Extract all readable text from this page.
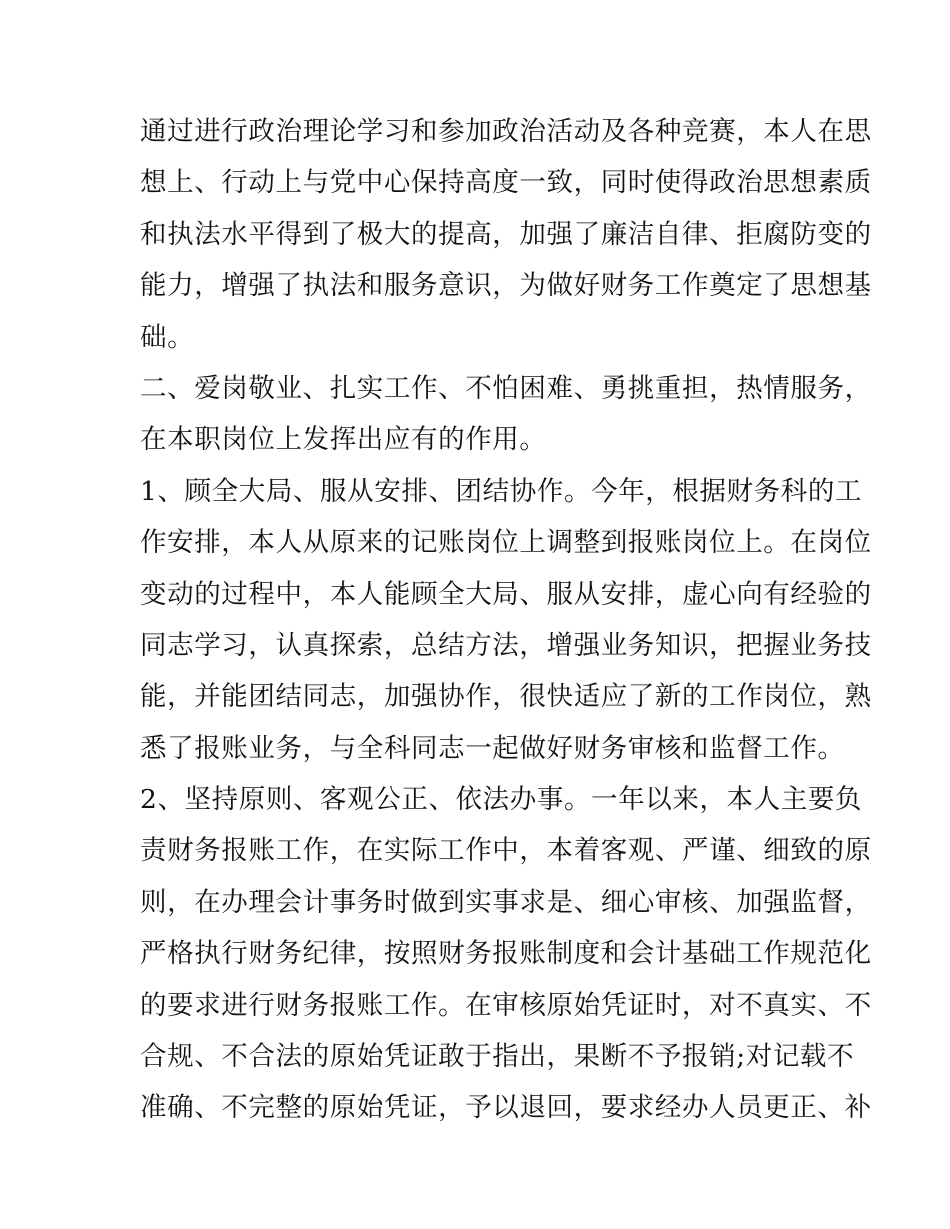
通过进行政治理论学习和参加政治活动及各种竞赛，本人在思
想上、行动上与党中心保持高度一致，同时使得政治思想素质
和执法水平得到了极大的提高，加强了廉洁自律、拒腐防变的
能力，增强了执法和服务意识，为做好财务工作奠定了思想基
础。
二、爱岗敬业、扎实工作、不怕困难、勇挑重担，热情服务，
在本职岗位上发挥出应有的作用。
1、顾全大局、服从安排、团结协作。今年，根据财务科的工
作安排，本人从原来的记账岗位上调整到报账岗位上。在岗位
变动的过程中，本人能顾全大局、服从安排，虚心向有经验的
同志学习，认真探索，总结方法，增强业务知识，把握业务技
能，并能团结同志，加强协作，很快适应了新的工作岗位，熟
悉了报账业务，与全科同志一起做好财务审核和监督工作。
2、坚持原则、客观公正、依法办事。一年以来，本人主要负
责财务报账工作，在实际工作中，本着客观、严谨、细致的原
则，在办理会计事务时做到实事求是、细心审核、加强监督，
严格执行财务纪律，按照财务报账制度和会计基础工作规范化
的要求进行财务报账工作。在审核原始凭证时，对不真实、不
合规、不合法的原始凭证敢于指出，果断不予报销;对记载不
准确、不完整的原始凭证，予以退回，要求经办人员更正、补
